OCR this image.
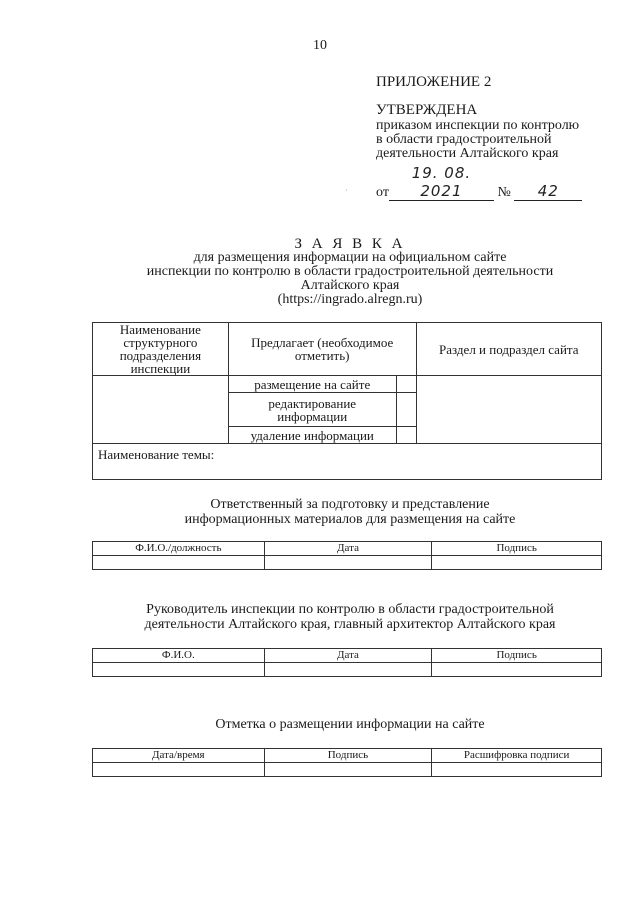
10
ПРИЛОЖЕНИЕ 2
УТВЕРЖДЕНА
приказом инспекции по контролю
в области градостроительной
деятельности Алтайского края
от19. 08. 2021 № 42
·
З А Я В К А
для размещения информации на официальном сайте
инспекции по контролю в области градостроительной деятельности
Алтайского края
(https://ingrado.alregn.ru)
Наименование структурного подразделения инспекции	Предлагает (необходимое отметить)		Раздел и подраздел сайта
	размещение на сайте		
	редактирование информации		
	удаление информации		
Наименование темы:			
Ответственный за подготовку и представление
информационных материалов для размещения на сайте
Ф.И.О./должность	Дата	Подпись

Руководитель инспекции по контролю в области градостроительной
деятельности Алтайского края, главный архитектор Алтайского края
Ф.И.О.	Дата	Подпись

Отметка о размещении информации на сайте
Дата/время	Подпись	Расшифровка подписи
